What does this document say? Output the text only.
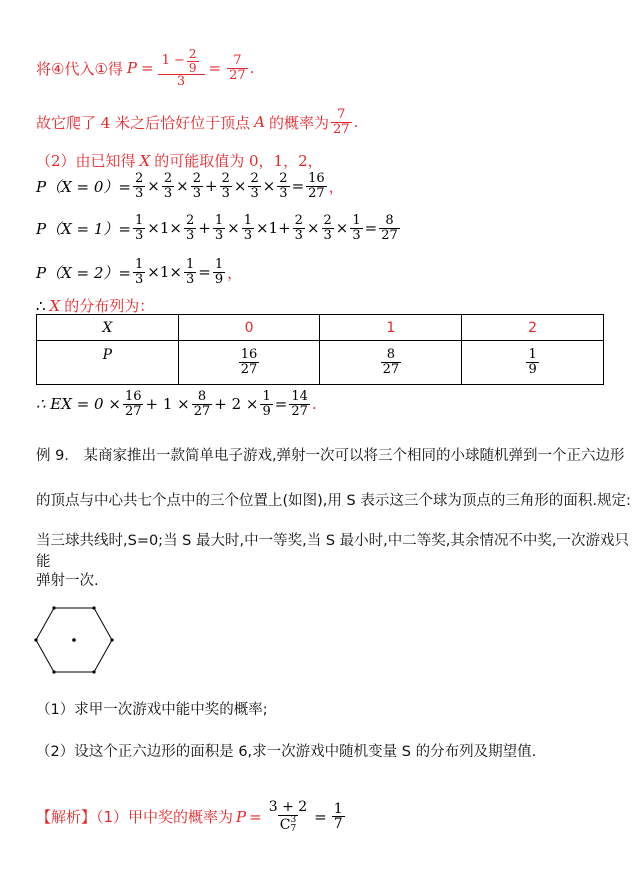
将④代入①得 $P = \frac{1 - \frac{2}{9}}{3} = \frac{7}{27}$ .
故它爬了 4 米之后恰好位于顶点 A 的概率为 $\frac{7}{27}$ .
（2）由已知得 X 的可能取值为 0，1，2，
$P(X = 0)= \frac{2}{3} \times \frac{2}{3} \times \frac{2}{3} + \frac{2}{3} \times \frac{2}{3} \times \frac{2}{3} = \frac{16}{27}$ ，
$P(X = 1)= \frac{1}{3} \times 1\times \frac{2}{3} + \frac{1}{3} \times \frac{1}{3} \times 1+ \frac{2}{3} \times \frac{2}{3} \times \frac{1}{3} = \frac{8}{27}$
$P(X = 2)= \frac{1}{3} \times 1\times \frac{1}{3} = \frac{1}{9}$ ，
∴ X 的分布列为：
X	0	1	2
P	$\frac{16}{27}$	$\frac{8}{27}$	$\frac{1}{9}$
∴ EX = $0 \times \frac{16}{27} + 1 \times \frac{8}{27} + 2 \times \frac{1}{9} = \frac{14}{27}$ .
例 9． 某商家推出一款简单电子游戏,弹射一次可以将三个相同的小球随机弹到一个正六边形
的顶点与中心共七个点中的三个位置上(如图),用 S 表示这三个球为顶点的三角形的面积.规定:
当三球共线时,S=0;当 S 最大时,中一等奖,当 S 最小时,中二等奖,其余情况不中奖,一次游戏只能
弹射一次.
（1）求甲一次游戏中能中奖的概率;
（2）设这个正六边形的面积是 6,求一次游戏中随机变量 S 的分布列及期望值.
【解析】（1）甲中奖的概率为 P = 3 + 2
C 3
$7 = \frac{1}{7}$
